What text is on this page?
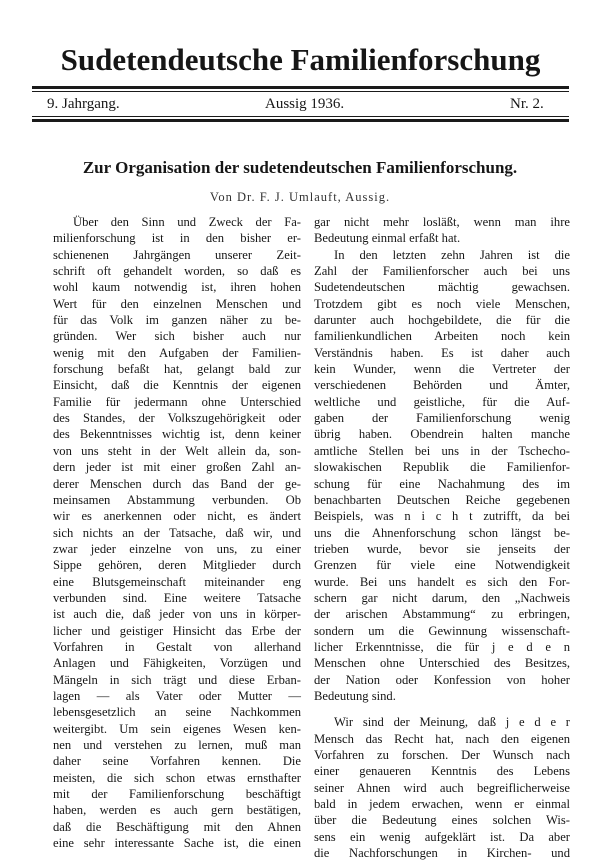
Sudetendeutsche Familienforschung
9. Jahrgang.	Aussig 1936.	Nr. 2.
Zur Organisation der sudetendeutschen Familienforschung.
Von Dr. F. J. Umlauft, Aussig.
Über den Sinn und Zweck der Fa-
milienforschung ist in den bisher er-
schienenen Jahrgängen unserer Zeit-
schrift oft gehandelt worden, so daß es
wohl kaum notwendig ist, ihren hohen
Wert für den einzelnen Menschen und
für das Volk im ganzen näher zu be-
gründen. Wer sich bisher auch nur
wenig mit den Aufgaben der Familien-
forschung befaßt hat, gelangt bald zur
Einsicht, daß die Kenntnis der eigenen
Familie für jedermann ohne Unterschied
des Standes, der Volkszugehörigkeit oder
des Bekenntnisses wichtig ist, denn keiner
von uns steht in der Welt allein da, son-
dern jeder ist mit einer großen Zahl an-
derer Menschen durch das Band der ge-
meinsamen Abstammung verbunden. Ob
wir es anerkennen oder nicht, es ändert
sich nichts an der Tatsache, daß wir, und
zwar jeder einzelne von uns, zu einer
Sippe gehören, deren Mitglieder durch
eine Blutsgemeinschaft miteinander eng
verbunden sind. Eine weitere Tatsache
ist auch die, daß jeder von uns in körper-
licher und geistiger Hinsicht das Erbe der
Vorfahren in Gestalt von allerhand
Anlagen und Fähigkeiten, Vorzügen und
Mängeln in sich trägt und diese Erban-
lagen — als Vater oder Mutter —
lebensgesetzlich an seine Nachkommen
weitergibt. Um sein eigenes Wesen ken-
nen und verstehen zu lernen, muß man
daher seine Vorfahren kennen. Die
meisten, die sich schon etwas ernsthafter
mit der Familienforschung beschäftigt
haben, werden es auch gern bestätigen,
daß die Beschäftigung mit den Ahnen
eine sehr interessante Sache ist, die einen
gar nicht mehr losläßt, wenn man ihre
Bedeutung einmal erfaßt hat.
In den letzten zehn Jahren ist die
Zahl der Familienforscher auch bei uns
Sudetendeutschen mächtig gewachsen.
Trotzdem gibt es noch viele Menschen,
darunter auch hochgebildete, die für die
familienkundlichen Arbeiten noch kein
Verständnis haben. Es ist daher auch
kein Wunder, wenn die Vertreter der
verschiedenen Behörden und Ämter,
weltliche und geistliche, für die Auf-
gaben der Familienforschung wenig
übrig haben. Obendrein halten manche
amtliche Stellen bei uns in der Tschecho-
slowakischen Republik die Familienfor-
schung für eine Nachahmung des im
benachbarten Deutschen Reiche gegebenen
Beispiels, was n i c h t zutrifft, da bei
uns die Ahnenforschung schon längst be-
trieben wurde, bevor sie jenseits der
Grenzen für viele eine Notwendigkeit
wurde. Bei uns handelt es sich den For-
schern gar nicht darum, den „Nachweis
der arischen Abstammung“ zu erbringen,
sondern um die Gewinnung wissenschaft-
licher Erkenntnisse, die für j e d e n
Menschen ohne Unterschied des Besitzes,
der Nation oder Konfession von hoher
Bedeutung sind.
Wir sind der Meinung, daß j e d e r
Mensch das Recht hat, nach den eigenen
Vorfahren zu forschen. Der Wunsch nach
einer genaueren Kenntnis des Lebens
seiner Ahnen wird auch begreiflicherweise
bald in jedem erwachen, wenn er einmal
über die Bedeutung eines solchen Wis-
sens ein wenig aufgeklärt ist. Da aber
die Nachforschungen in Kirchen- und
